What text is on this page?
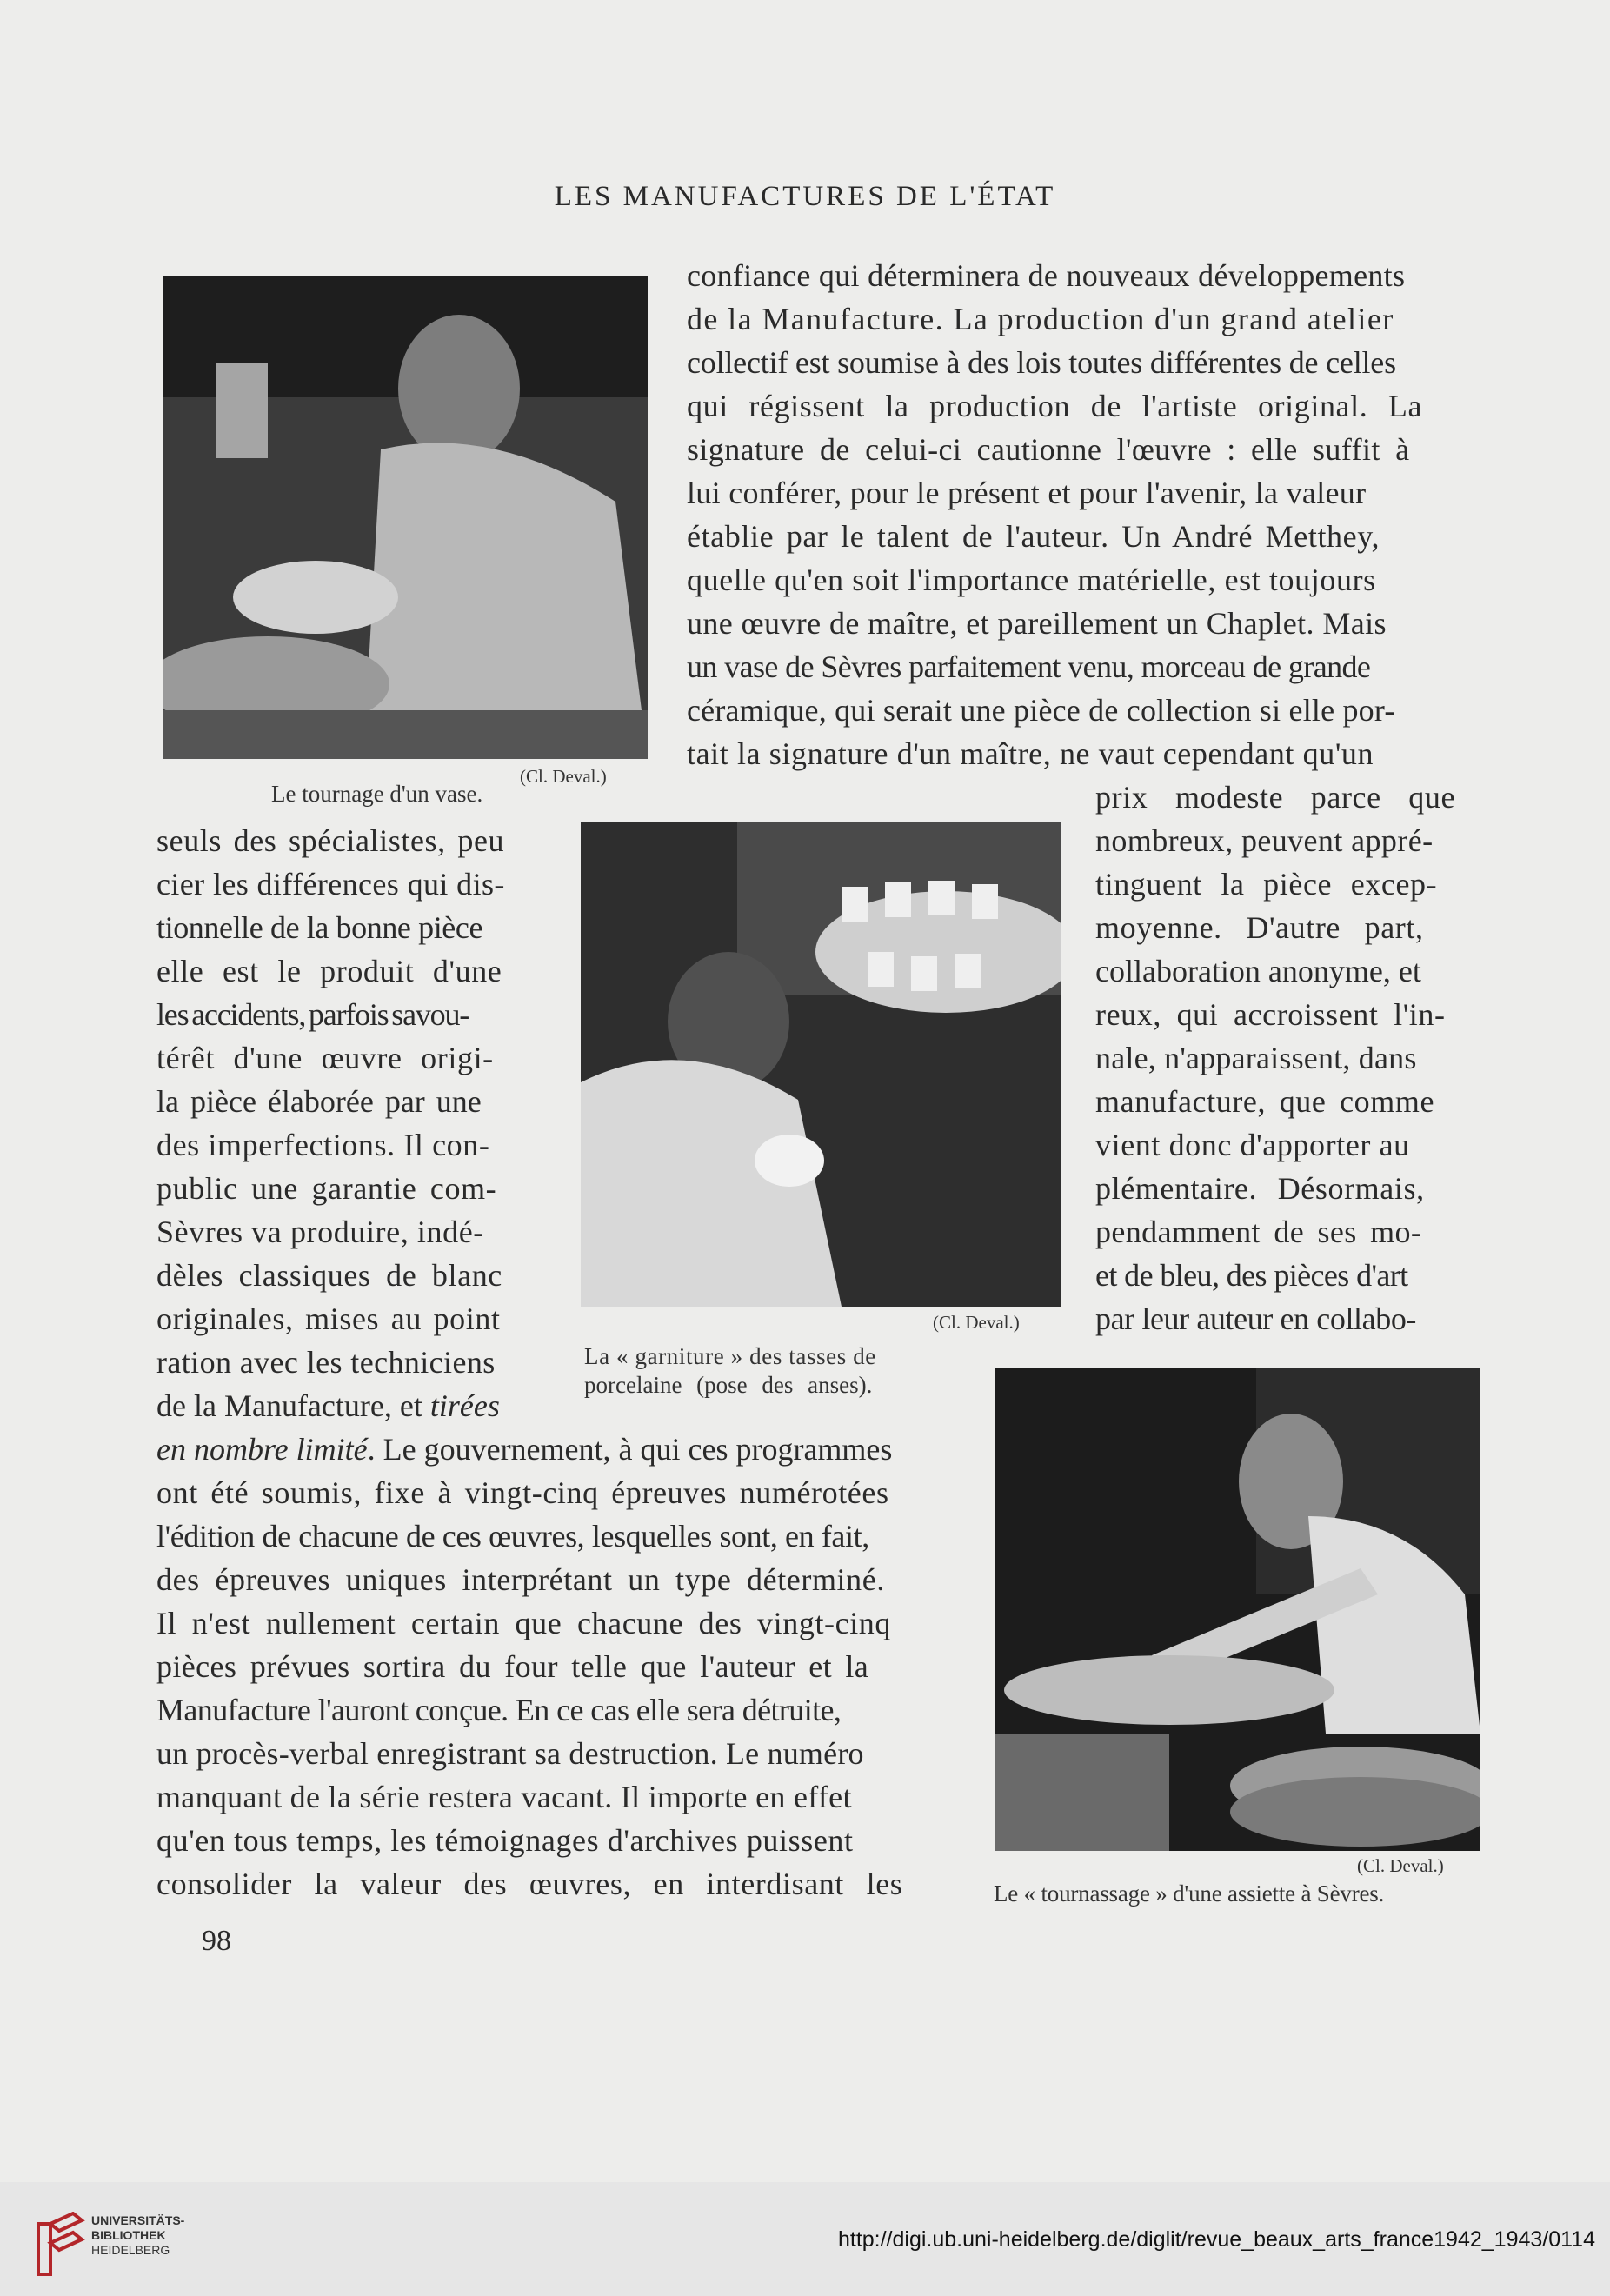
LES MANUFACTURES DE L'ÉTAT
(Cl. Deval.)
Le tournage d'un vase.
confiance qui déterminera de nouveaux développements
de la Manufacture. La production d'un grand atelier
collectif est soumise à des lois toutes différentes de celles
qui régissent la production de l'artiste original. La
signature de celui-ci cautionne l'œuvre : elle suffit à
lui conférer, pour le présent et pour l'avenir, la valeur
établie par le talent de l'auteur. Un André Metthey,
quelle qu'en soit l'importance matérielle, est toujours
une œuvre de maître, et pareillement un Chaplet. Mais
un vase de Sèvres parfaitement venu, morceau de grande
céramique, qui serait une pièce de collection si elle por-
tait la signature d'un maître, ne vaut cependant qu'un
(Cl. Deval.)
La « garniture » des tasses de
porcelaine (pose des anses).
prix modeste parce que
nombreux, peuvent appré-
tinguent la pièce excep-
moyenne. D'autre part,
collaboration anonyme, et
reux, qui accroissent l'in-
nale, n'apparaissent, dans
manufacture, que comme
vient donc d'apporter au
plémentaire. Désormais,
pendamment de ses mo-
et de bleu, des pièces d'art
par leur auteur en collabo-
seuls des spécialistes, peu
cier les différences qui dis-
tionnelle de la bonne pièce
elle est le produit d'une
les accidents, parfois savou-
térêt d'une œuvre origi-
la pièce élaborée par une
des imperfections. Il con-
public une garantie com-
Sèvres va produire, indé-
dèles classiques de blanc
originales, mises au point
ration avec les techniciens
de la Manufacture, et tirées
(Cl. Deval.)
Le « tournassage » d'une assiette à Sèvres.
en nombre limité. Le gouvernement, à qui ces programmes
ont été soumis, fixe à vingt-cinq épreuves numérotées
l'édition de chacune de ces œuvres, lesquelles sont, en fait,
des épreuves uniques interprétant un type déterminé.
Il n'est nullement certain que chacune des vingt-cinq
pièces prévues sortira du four telle que l'auteur et la
Manufacture l'auront conçue. En ce cas elle sera détruite,
un procès-verbal enregistrant sa destruction. Le numéro
manquant de la série restera vacant. Il importe en effet
qu'en tous temps, les témoignages d'archives puissent
consolider la valeur des œuvres, en interdisant les
98
UNIVERSITÄTS-
BIBLIOTHEK
HEIDELBERG	http://digi.ub.uni-heidelberg.de/diglit/revue_beaux_arts_france1942_1943/0114
